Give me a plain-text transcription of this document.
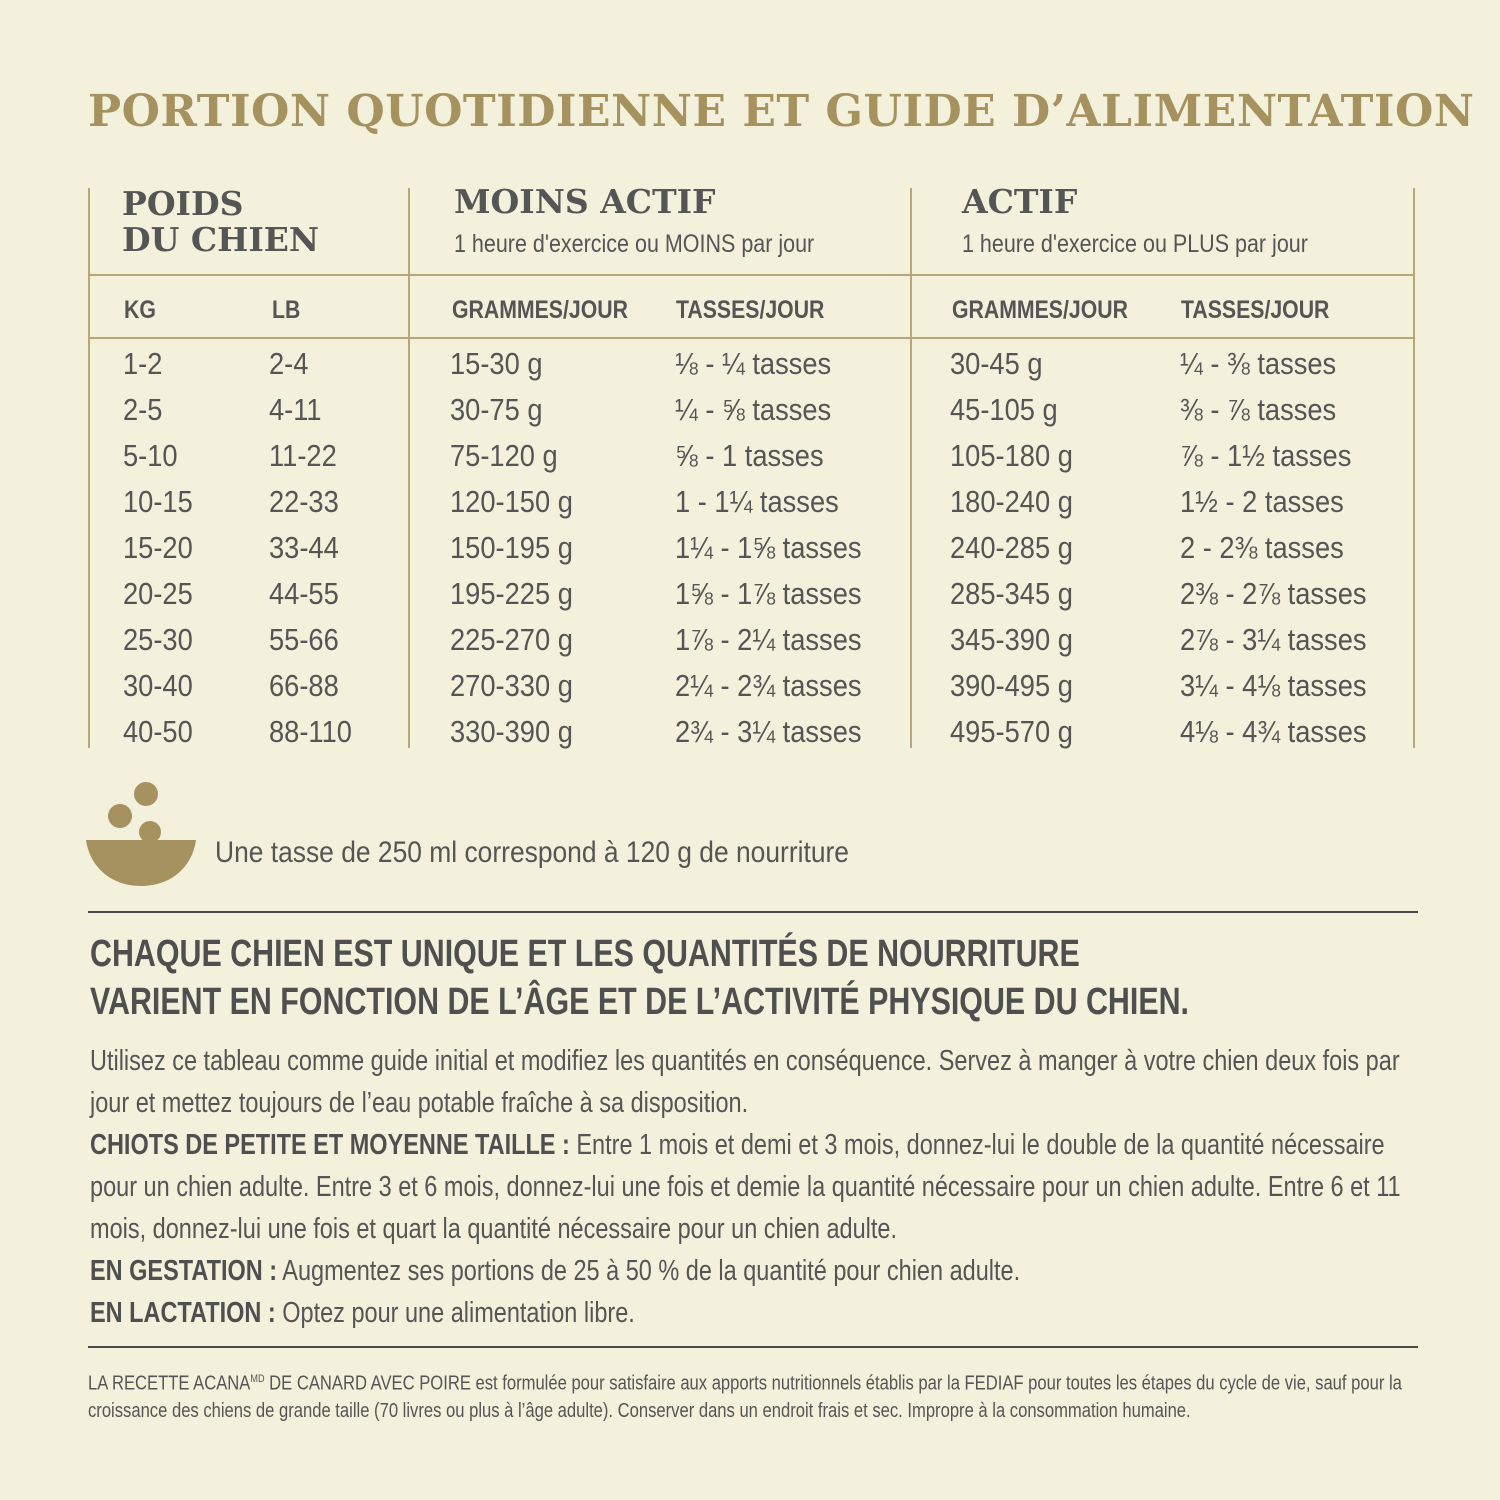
PORTION QUOTIDIENNE ET GUIDE D’ALIMENTATION
POIDS
DU CHIEN
MOINS ACTIF
1 heure d'exercice ou MOINS par jour
ACTIF
1 heure d'exercice ou PLUS par jour
KG	LB	GRAMMES/JOUR TASSES/JOUR	GRAMMES/JOUR TASSES/JOUR
1-2	2-4	15-30 g	⅛ - ¼ tasses	30-45 g	¼ - ⅜ tasses
2-5	4-11	30-75 g	¼ - ⅝ tasses	45-105 g	⅜ - ⅞ tasses
5-10	11-22	75-120 g	⅝ - 1 tasses	105-180 g	⅞ - 1½ tasses
10-15 22-33	120-150 g	1 - 1¼ tasses	180-240 g	1½ - 2 tasses
15-20 33-44	150-195 g	1¼ - 1⅝ tasses	240-285 g	2 - 2⅜ tasses
20-25 44-55	195-225 g	1⅝ - 1⅞ tasses	285-345 g	2⅜ - 2⅞ tasses
25-30 55-66	225-270 g	1⅞ - 2¼ tasses	345-390 g	2⅞ - 3¼ tasses
30-40 66-88	270-330 g	2¼ - 2¾ tasses	390-495 g	3¼ - 4⅛ tasses
40-50 88-110	330-390 g	2¾ - 3¼ tasses	495-570 g	4⅛ - 4¾ tasses
Une tasse de 250 ml correspond à 120 g de nourriture
CHAQUE CHIEN EST UNIQUE ET LES QUANTITÉS DE NOURRITURE
VARIENT EN FONCTION DE L’ÂGE ET DE L’ACTIVITÉ PHYSIQUE DU CHIEN.
Utilisez ce tableau comme guide initial et modifiez les quantités en conséquence. Servez à manger à votre chien deux fois par jour et mettez toujours de l’eau potable fraîche à sa disposition.
CHIOTS DE PETITE ET MOYENNE TAILLE : Entre 1 mois et demi et 3 mois, donnez-lui le double de la quantité nécessaire pour un chien adulte. Entre 3 et 6 mois, donnez-lui une fois et demie la quantité nécessaire pour un chien adulte. Entre 6 et 11 mois, donnez-lui une fois et quart la quantité nécessaire pour un chien adulte.
EN GESTATION : Augmentez ses portions de 25 à 50 % de la quantité pour chien adulte.
EN LACTATION : Optez pour une alimentation libre.
LA RECETTE $ACANA^{MD}$ DE CANARD AVEC POIRE est formulée pour satisfaire aux apports nutritionnels établis par la FEDIAF pour toutes les étapes du cycle de vie, sauf pour la croissance des chiens de grande taille (70 livres ou plus à l’âge adulte). Conserver dans un endroit frais et sec. Impropre à la consommation humaine.
